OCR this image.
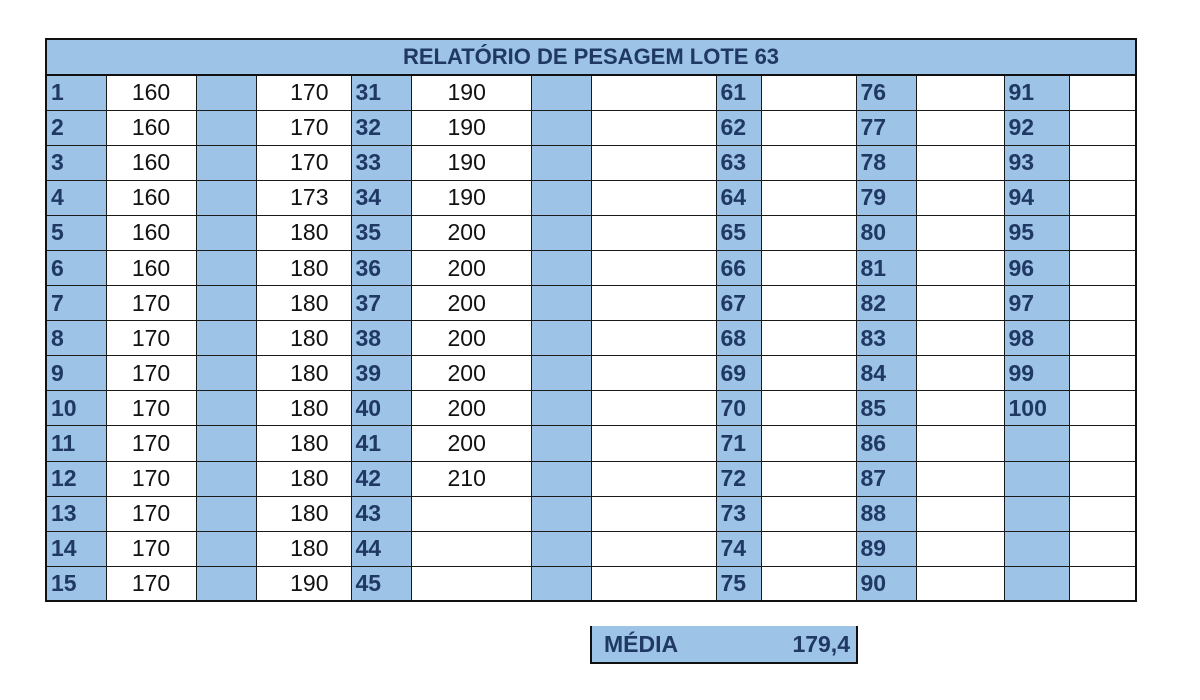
RELATÓRIO DE PESAGEM LOTE 63													
1	160		170	31	190			61		76		91	
2	160		170	32	190			62		77		92	
3	160		170	33	190			63		78		93	
4	160		173	34	190			64		79		94	
5	160		180	35	200			65		80		95	
6	160		180	36	200			66		81		96	
7	170		180	37	200			67		82		97	
8	170		180	38	200			68		83		98	
9	170		180	39	200			69		84		99	
10	170		180	40	200			70		85		100	
11	170		180	41	200			71		86			
12	170		180	42	210			72		87			
13	170		180	43				73		88			
14	170		180	44				74		89			
15	170		190	45				75		90			
MÉDIA	179,4
